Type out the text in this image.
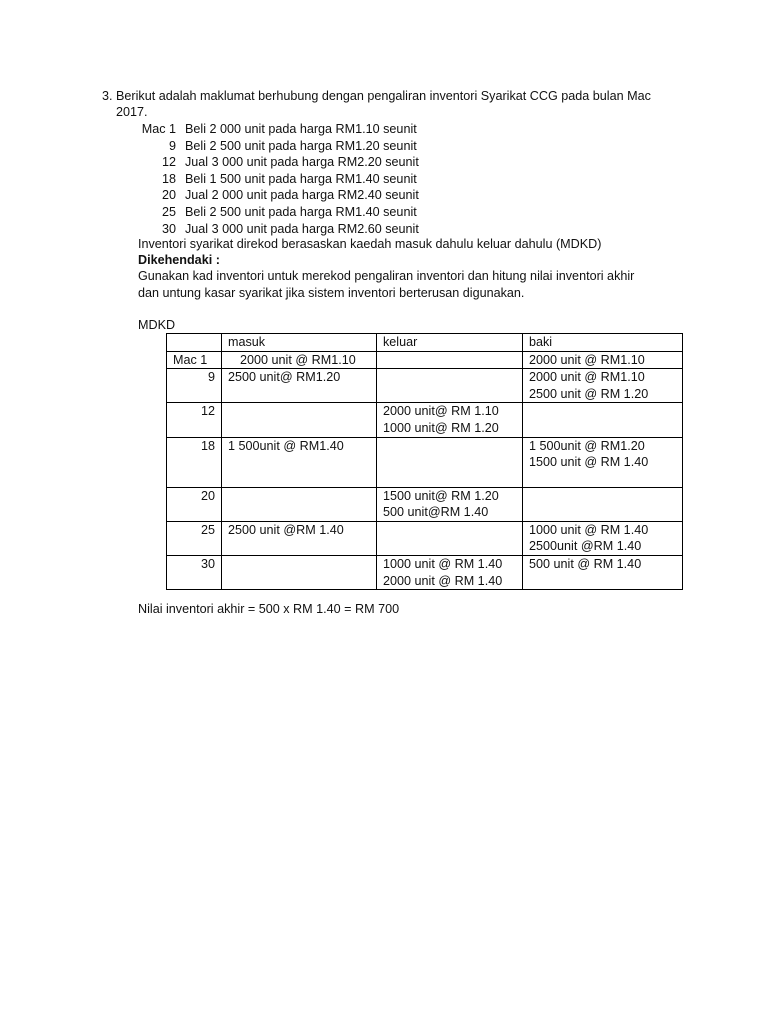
3. Berikut adalah maklumat berhubung dengan pengaliran inventori Syarikat CCG pada bulan Mac
2017.
Mac 1 Beli 2 000 unit pada harga RM1.10 seunit
9 Beli 2 500 unit pada harga RM1.20 seunit
12 Jual 3 000 unit pada harga RM2.20 seunit
18 Beli 1 500 unit pada harga RM1.40 seunit
20 Jual 2 000 unit pada harga RM2.40 seunit
25 Beli 2 500 unit pada harga RM1.40 seunit
30 Jual 3 000 unit pada harga RM2.60 seunit
Inventori syarikat direkod berasaskan kaedah masuk dahulu keluar dahulu (MDKD)
Dikehendaki :
Gunakan kad inventori untuk merekod pengaliran inventori dan hitung nilai inventori akhir
dan untung kasar syarikat jika sistem inventori berterusan digunakan.
MDKD
	masuk	keluar	baki
Mac 1	2000 unit @ RM1.10		2000 unit @ RM1.10

9	2500 unit@ RM1.20		2000 unit @ RM1.10
2500 unit @ RM 1.20

12		2000 unit@ RM 1.10
1000 unit@ RM 1.20	

18	1 500unit @ RM1.40		1 500unit @ RM1.20
1500 unit @ RM 1.40

20		1500 unit@ RM 1.20
500 unit@RM 1.40	

25	2500 unit @RM 1.40		1000 unit @ RM 1.40
2500unit @RM 1.40

30		1000 unit @ RM 1.40
2000 unit @ RM 1.40	500 unit @ RM 1.40
Nilai inventori akhir = 500 x RM 1.40 = RM 700
